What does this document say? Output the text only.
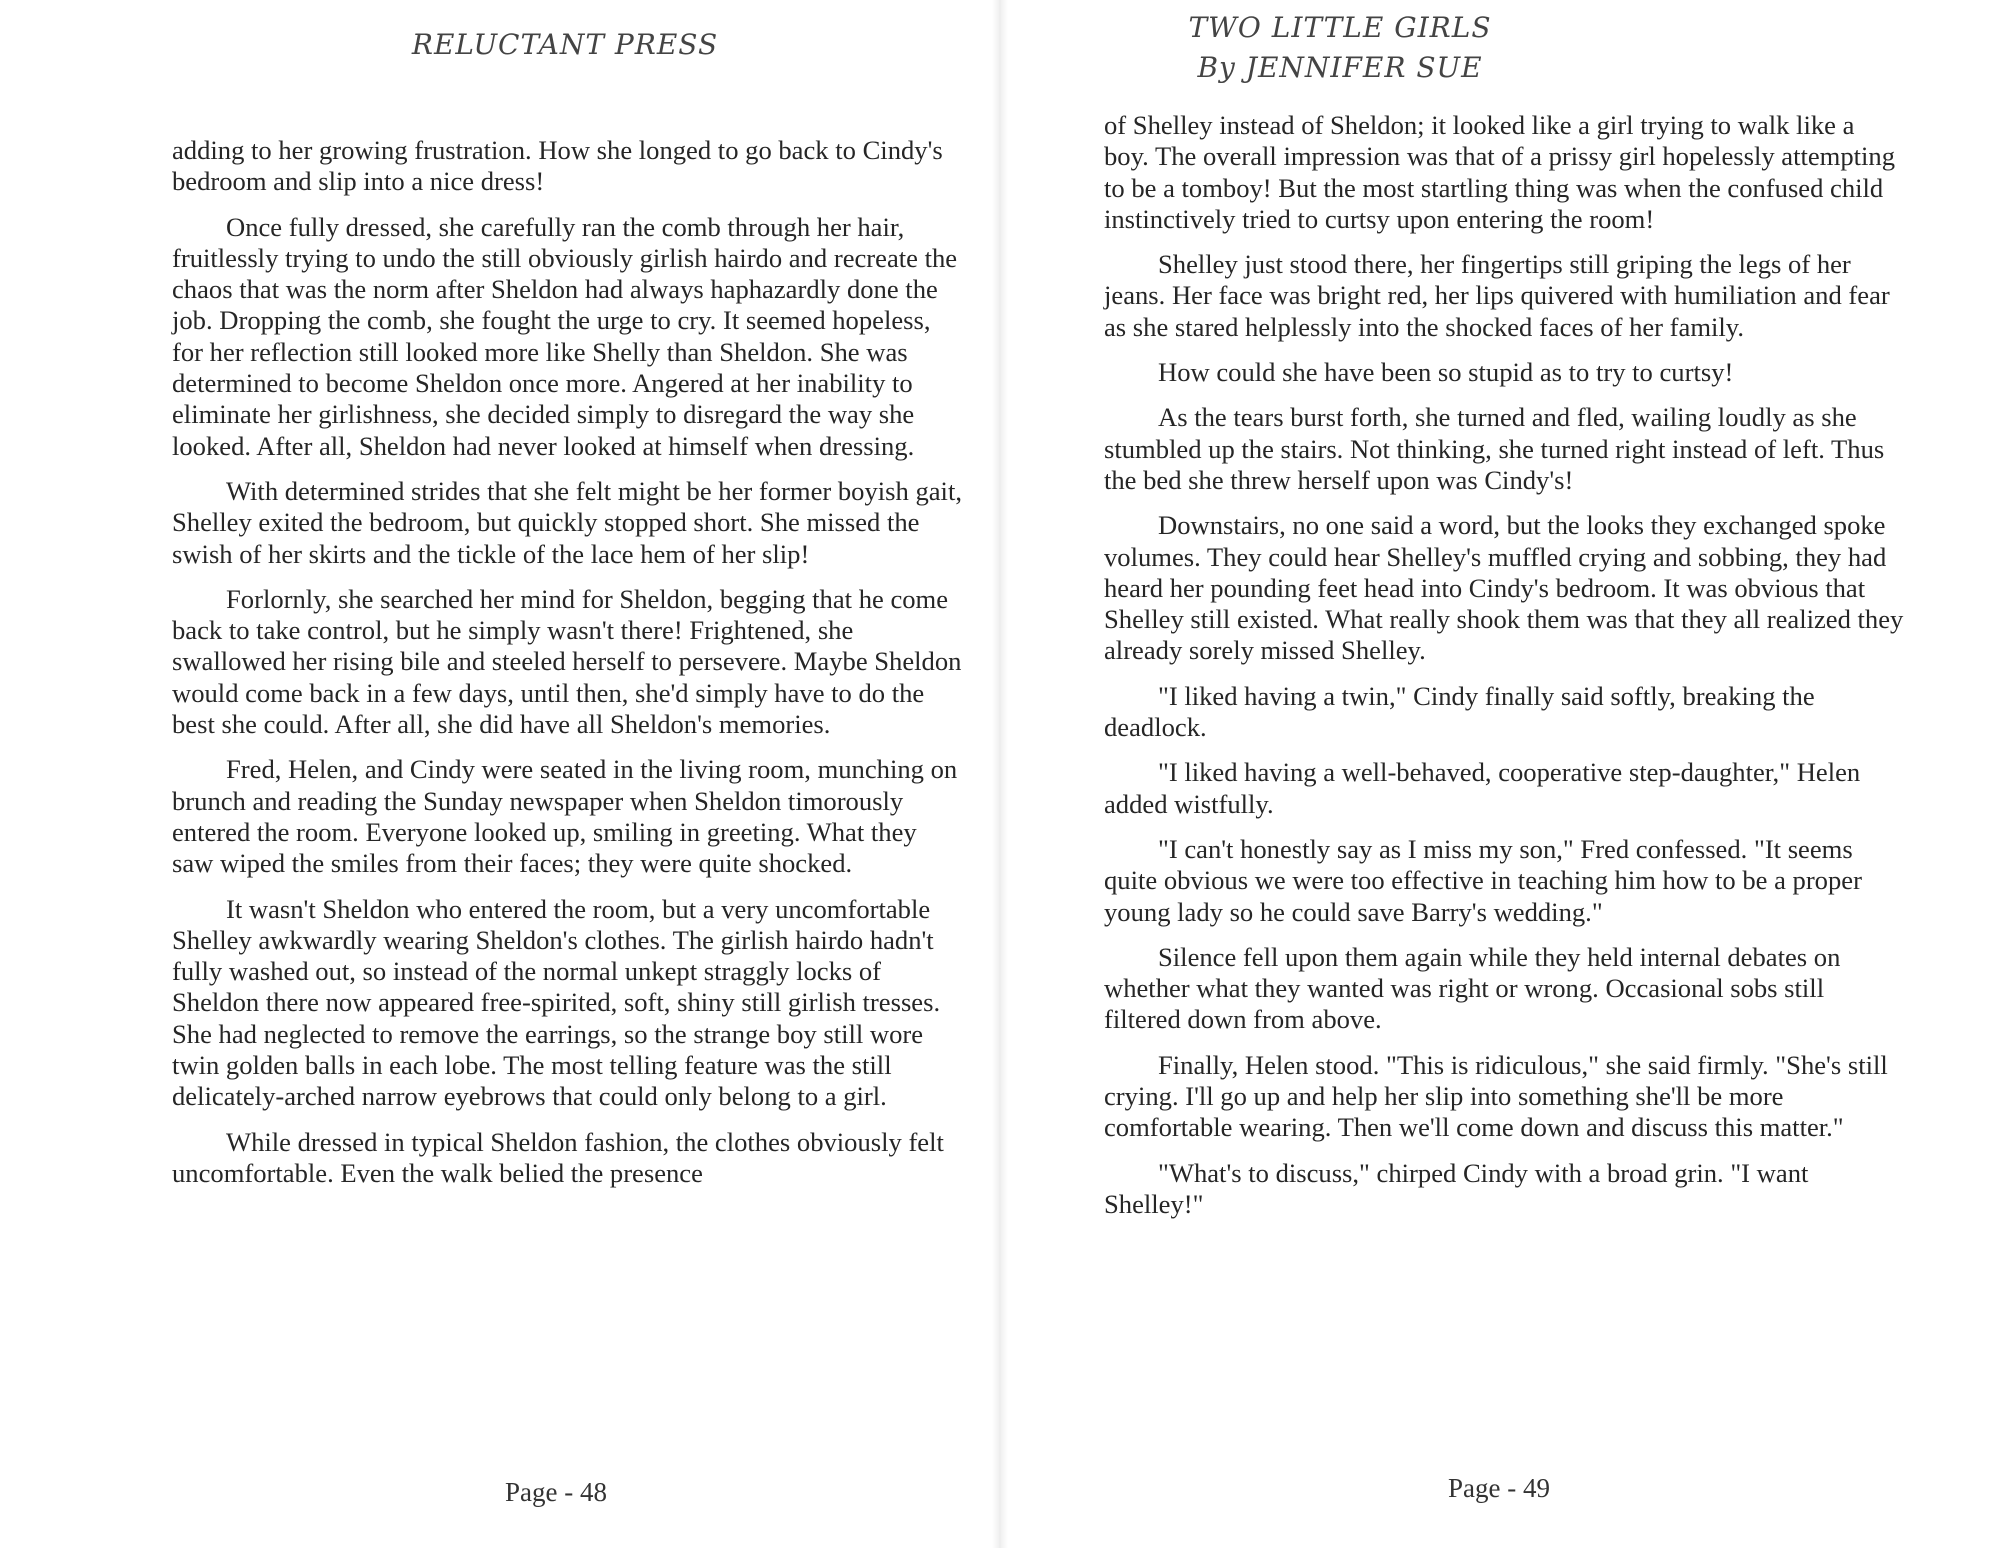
RELUCTANT PRESS

adding to her growing frustration. How she longed to go back to Cindy's bedroom and slip into a nice dress!

Once fully dressed, she carefully ran the comb through her hair, fruitlessly trying to undo the still obviously girlish hairdo and recreate the chaos that was the norm after Sheldon had always haphazardly done the job. Dropping the comb, she fought the urge to cry. It seemed hopeless, for her reflection still looked more like Shelly than Sheldon. She was determined to become Sheldon once more. Angered at her inability to eliminate her girlishness, she decided simply to disregard the way she looked. After all, Sheldon had never looked at himself when dressing.

With determined strides that she felt might be her former boyish gait, Shelley exited the bedroom, but quickly stopped short. She missed the swish of her skirts and the tickle of the lace hem of her slip!

Forlornly, she searched her mind for Sheldon, begging that he come back to take control, but he simply wasn't there! Frightened, she swallowed her rising bile and steeled herself to persevere. Maybe Sheldon would come back in a few days, until then, she'd simply have to do the best she could. After all, she did have all Sheldon's memories.

Fred, Helen, and Cindy were seated in the living room, munching on brunch and reading the Sunday newspaper when Sheldon timorously entered the room. Everyone looked up, smiling in greeting. What they saw wiped the smiles from their faces; they were quite shocked.

It wasn't Sheldon who entered the room, but a very uncomfortable Shelley awkwardly wearing Sheldon's clothes. The girlish hairdo hadn't fully washed out, so instead of the normal unkept straggly locks of Sheldon there now appeared free-spirited, soft, shiny still girlish tresses. She had neglected to remove the earrings, so the strange boy still wore twin golden balls in each lobe. The most telling feature was the still delicately-arched narrow eyebrows that could only belong to a girl.

While dressed in typical Sheldon fashion, the clothes obviously felt uncomfortable. Even the walk belied the presence

Page - 48
TWO LITTLE GIRLS
By JENNIFER SUE

of Shelley instead of Sheldon; it looked like a girl trying to walk like a boy. The overall impression was that of a prissy girl hopelessly attempting to be a tomboy! But the most startling thing was when the confused child instinctively tried to curtsy upon entering the room!

Shelley just stood there, her fingertips still griping the legs of her jeans. Her face was bright red, her lips quivered with humiliation and fear as she stared helplessly into the shocked faces of her family.

How could she have been so stupid as to try to curtsy!

As the tears burst forth, she turned and fled, wailing loudly as she stumbled up the stairs. Not thinking, she turned right instead of left. Thus the bed she threw herself upon was Cindy's!

Downstairs, no one said a word, but the looks they exchanged spoke volumes. They could hear Shelley's muffled crying and sobbing, they had heard her pounding feet head into Cindy's bedroom. It was obvious that Shelley still existed. What really shook them was that they all realized they already sorely missed Shelley.

"I liked having a twin," Cindy finally said softly, breaking the deadlock.

"I liked having a well-behaved, cooperative step-daughter," Helen added wistfully.

"I can't honestly say as I miss my son," Fred confessed. "It seems quite obvious we were too effective in teaching him how to be a proper young lady so he could save Barry's wedding."

Silence fell upon them again while they held internal debates on whether what they wanted was right or wrong. Occasional sobs still filtered down from above.

Finally, Helen stood. "This is ridiculous," she said firmly. "She's still crying. I'll go up and help her slip into something she'll be more comfortable wearing. Then we'll come down and discuss this matter."

"What's to discuss," chirped Cindy with a broad grin. "I want Shelley!"

Page - 49
